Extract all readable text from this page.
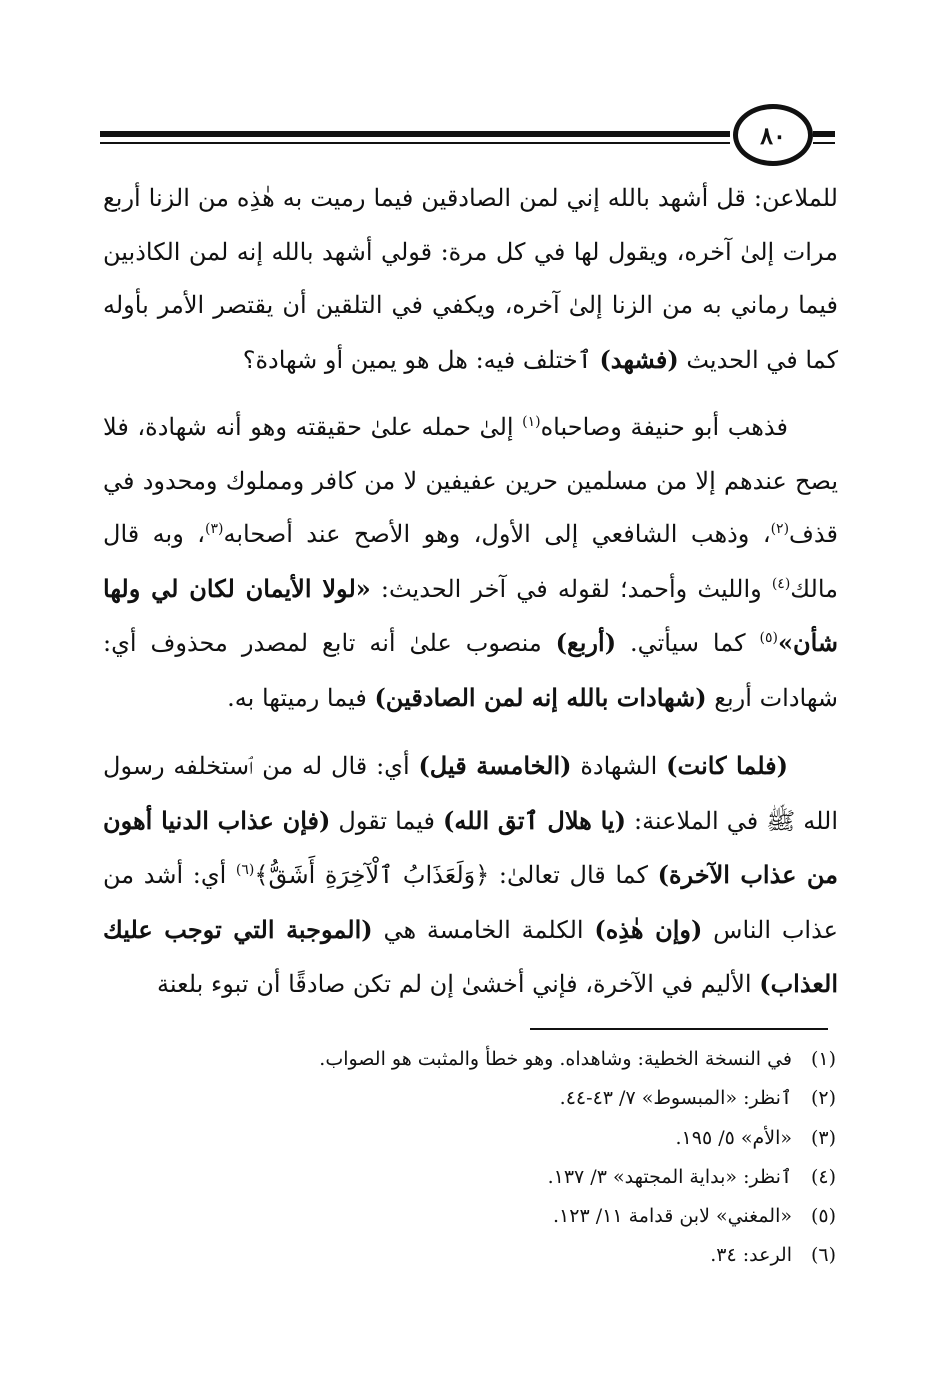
٨٠

للملاعن: قل أشهد بالله إني لمن الصادقين فيما رميت به هٰذِه من الزنا أربع مرات إلىٰ آخره، ويقول لها في كل مرة: قولي أشهد بالله إنه لمن الكاذبين فيما رماني به من الزنا إلىٰ آخره، ويكفي في التلقين أن يقتصر الأمر بأوله كما في الحديث (فشهد) ٱختلف فيه: هل هو يمين أو شهادة؟

فذهب أبو حنيفة وصاحباه$^{(١)}$ إلىٰ حمله علىٰ حقيقته وهو أنه شهادة، فلا يصح عندهم إلا من مسلمين حرين عفيفين لا من كافر ومملوك ومحدود في قذف$^{(٢)}$، وذهب الشافعي إلى الأول، وهو الأصح عند أصحابه$^{(٣)}$، وبه قال مالك$^{(٤)}$ والليث وأحمد؛ لقوله في آخر الحديث: «لولا الأيمان لكان لي ولها شأن»$^{(٥)}$ كما سيأتي. (أربع) منصوب علىٰ أنه تابع لمصدر محذوف أي: شهادات أربع (شهادات بالله إنه لمن الصادقين) فيما رميتها به.

(فلما كانت) الشهادة (الخامسة قيل) أي: قال له من ٱستخلفه رسول الله ﷺ في الملاعنة: (يا هلال ٱتق الله) فيما تقول (فإن عذاب الدنيا أهون من عذاب الآخرة) كما قال تعالىٰ: ﴿وَلَعَذَابُ ٱلْآخِرَةِ أَشَقُّ﴾$^{(٦)}$ أي: أشد من عذاب الناس (وإن هٰذِه) الكلمة الخامسة هي (الموجبة التي توجب عليك العذاب) الأليم في الآخرة، فإني أخشىٰ إن لم تكن صادقًا أن تبوء بلعنة

(١)في النسخة الخطية: وشاهداه. وهو خطأ والمثبت هو الصواب.
(٢)ٱنظر: «المبسوط» ٧/ ٤٣-٤٤.
(٣)«الأم» ٥/ ١٩٥.
(٤)ٱنظر: «بداية المجتهد» ٣/ ١٣٧.
(٥)«المغني» لابن قدامة ١١/ ١٢٣.
(٦)الرعد: ٣٤.
